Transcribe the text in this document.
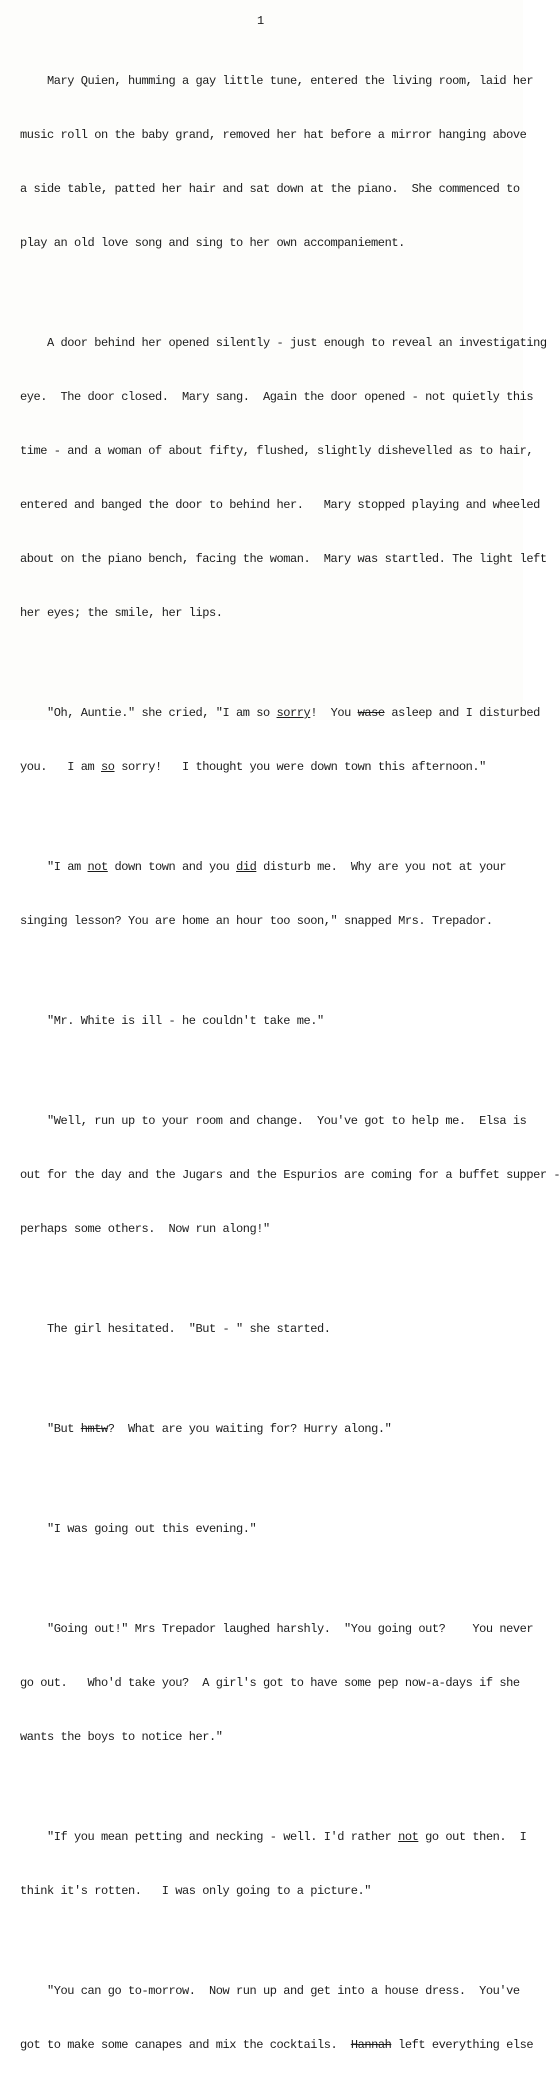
1

Mary Quien, humming a gay little tune, entered the living room, laid her

music roll on the baby grand, removed her hat before a mirror hanging above

a side table, patted her hair and sat down at the piano.  She commenced to

play an old love song and sing to her own accompaniement.

A door behind her opened silently - just enough to reveal an investigating

eye.  The door closed.  Mary sang.  Again the door opened - not quietly this

time - and a woman of about fifty, flushed, slightly dishevelled as to hair,

entered and banged the door to behind her.   Mary stopped playing and wheeled

about on the piano bench, facing the woman.  Mary was startled. The light left

her eyes; the smile, her lips.

"Oh, Auntie." she cried, "I am so sorry!  You wase asleep and I disturbed

you.   I am so sorry!   I thought you were down town this afternoon."

"I am not down town and you did disturb me.  Why are you not at your

singing lesson? You are home an hour too soon," snapped Mrs. Trepador.

"Mr. White is ill - he couldn't take me."

"Well, run up to your room and change.  You've got to help me.  Elsa is

out for the day and the Jugars and the Espurios are coming for a buffet supper -

perhaps some others.  Now run along!"

The girl hesitated.  "But - " she started.

"But hmtw?  What are you waiting for? Hurry along."

"I was going out this evening."

"Going out!" Mrs Trepador laughed harshly.  "You going out?    You never

go out.   Who'd take you?  A girl's got to have some pep now-a-days if she

wants the boys to notice her."

"If you mean petting and necking - well. I'd rather not go out then.  I

think it's rotten.   I was only going to a picture."

"You can go to-morrow.  Now run up and get into a house dress.  You've

got to make some canapes and mix the cocktails.  Hannah left everything else
